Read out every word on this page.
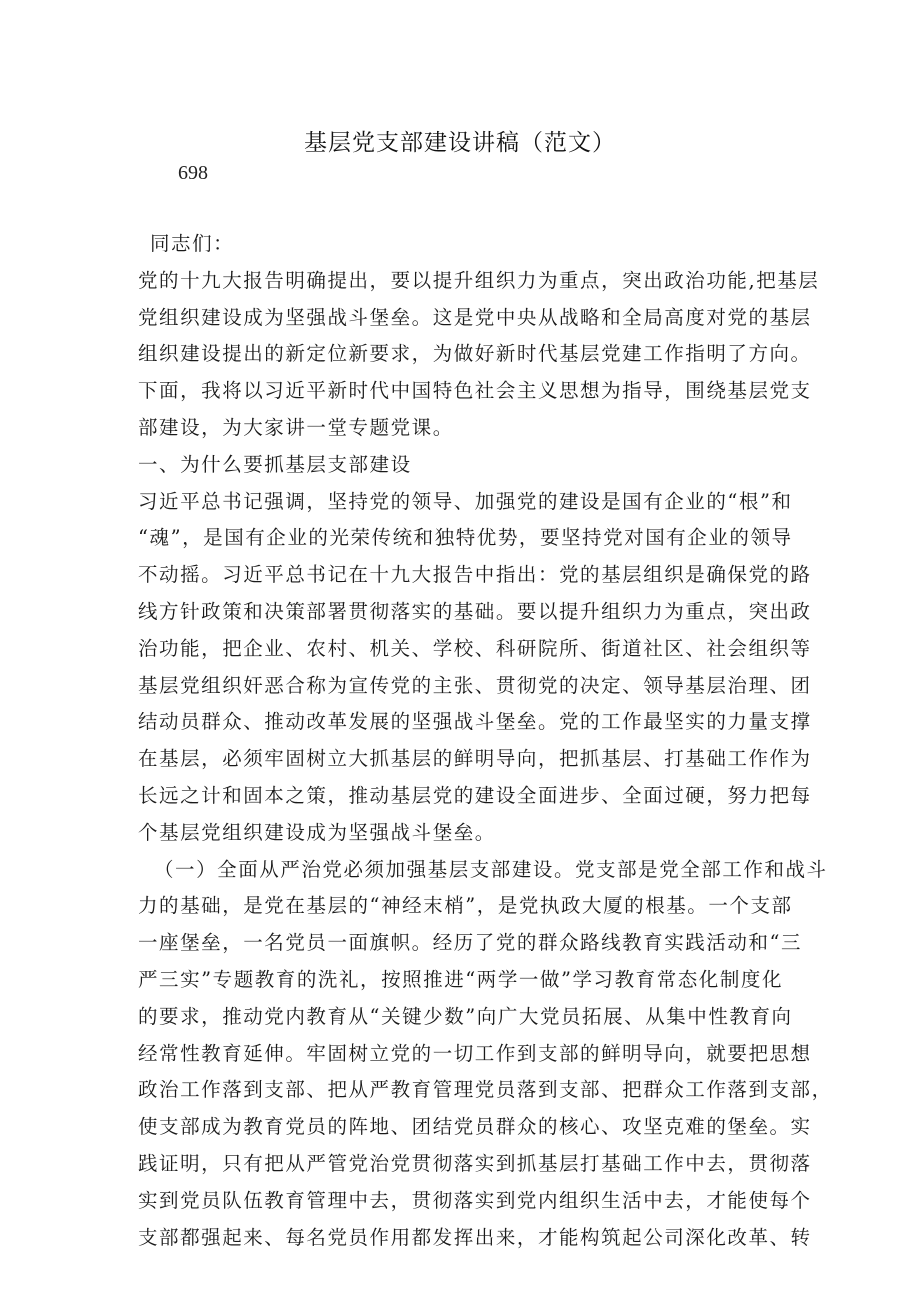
基层党支部建设讲稿（范文）
698
同志们：
党的十九大报告明确提出，要以提升组织力为重点，突出政治功能,把基层
党组织建设成为坚强战斗堡垒。这是党中央从战略和全局高度对党的基层
组织建设提出的新定位新要求，为做好新时代基层党建工作指明了方向。
下面，我将以习近平新时代中国特色社会主义思想为指导，围绕基层党支
部建设，为大家讲一堂专题党课。
一、为什么要抓基层支部建设
习近平总书记强调，坚持党的领导、加强党的建设是国有企业的“根”和
“魂”，是国有企业的光荣传统和独特优势，要坚持党对国有企业的领导
不动摇。习近平总书记在十九大报告中指出：党的基层组织是确保党的路
线方针政策和决策部署贯彻落实的基础。要以提升组织力为重点，突出政
治功能，把企业、农村、机关、学校、科研院所、街道社区、社会组织等
基层党组织奸恶合称为宣传党的主张、贯彻党的决定、领导基层治理、团
结动员群众、推动改革发展的坚强战斗堡垒。党的工作最坚实的力量支撑
在基层，必须牢固树立大抓基层的鲜明导向，把抓基层、打基础工作作为
长远之计和固本之策，推动基层党的建设全面进步、全面过硬，努力把每
个基层党组织建设成为坚强战斗堡垒。
（一）全面从严治党必须加强基层支部建设。党支部是党全部工作和战斗
力的基础，是党在基层的“神经末梢”，是党执政大厦的根基。一个支部
一座堡垒，一名党员一面旗帜。经历了党的群众路线教育实践活动和“三
严三实”专题教育的洗礼，按照推进“两学一做”学习教育常态化制度化
的要求，推动党内教育从“关键少数”向广大党员拓展、从集中性教育向
经常性教育延伸。牢固树立党的一切工作到支部的鲜明导向，就要把思想
政治工作落到支部、把从严教育管理党员落到支部、把群众工作落到支部，
使支部成为教育党员的阵地、团结党员群众的核心、攻坚克难的堡垒。实
践证明，只有把从严管党治党贯彻落实到抓基层打基础工作中去，贯彻落
实到党员队伍教育管理中去，贯彻落实到党内组织生活中去，才能使每个
支部都强起来、每名党员作用都发挥出来，才能构筑起公司深化改革、转
